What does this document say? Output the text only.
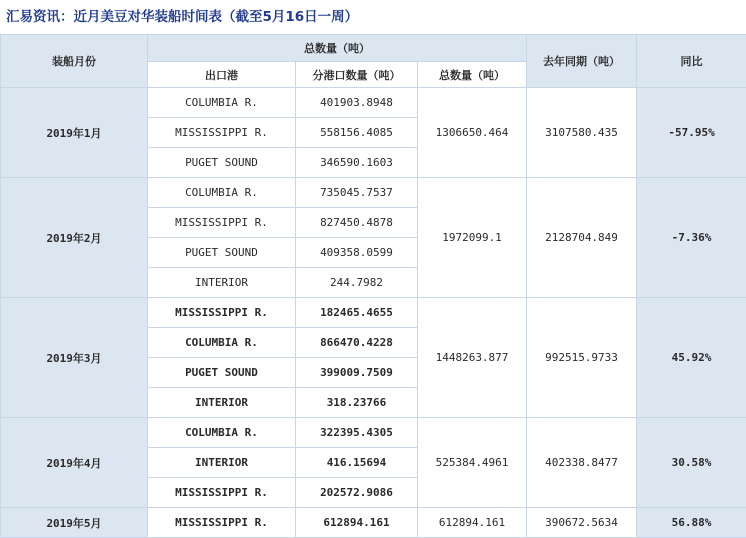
汇易资讯：近月美豆对华装船时间表（截至5月16日一周）
装船月份	总数量（吨）			去年同期（吨）	同比
	出口港	分港口数量（吨）	总数量（吨）		
2019年1月	COLUMBIA R.	401903.8948	1306650.464	3107580.435	-57.95%
	MISSISSIPPI R.	558156.4085			
	PUGET SOUND	346590.1603			
2019年2月	COLUMBIA R.	735045.7537	1972099.1	2128704.849	-7.36%
	MISSISSIPPI R.	827450.4878			
	PUGET SOUND	409358.0599			
	INTERIOR	244.7982			
2019年3月	MISSISSIPPI R.	182465.4655	1448263.877	992515.9733	45.92%
	COLUMBIA R.	866470.4228			
	PUGET SOUND	399009.7509			
	INTERIOR	318.23766			
2019年4月	COLUMBIA R.	322395.4305	525384.4961	402338.8477	30.58%
	INTERIOR	416.15694			
	MISSISSIPPI R.	202572.9086			
2019年5月	MISSISSIPPI R.	612894.161	612894.161	390672.5634	56.88%
